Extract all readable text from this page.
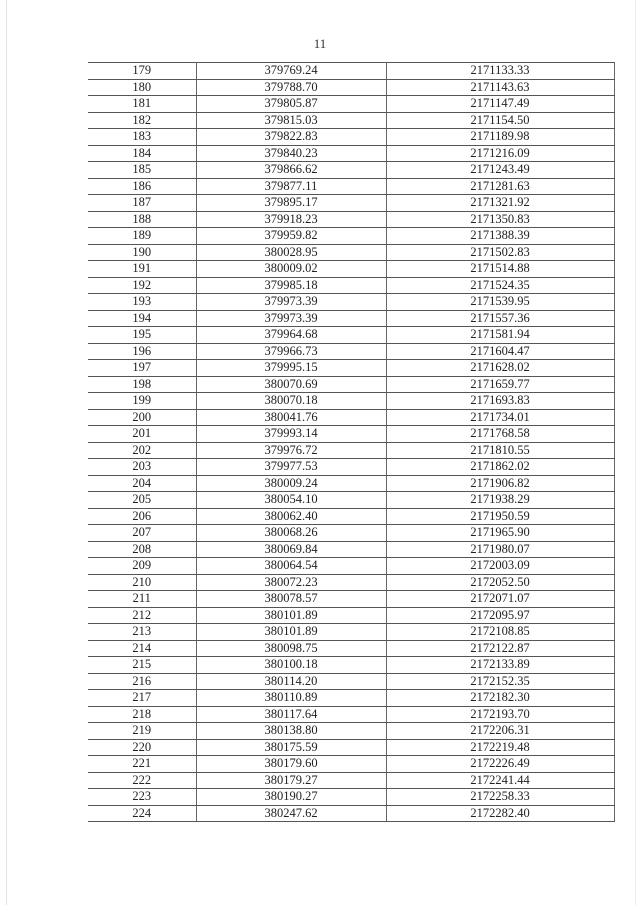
11
179	379769.24	2171133.33
180	379788.70	2171143.63
181	379805.87	2171147.49
182	379815.03	2171154.50
183	379822.83	2171189.98
184	379840.23	2171216.09
185	379866.62	2171243.49
186	379877.11	2171281.63
187	379895.17	2171321.92
188	379918.23	2171350.83
189	379959.82	2171388.39
190	380028.95	2171502.83
191	380009.02	2171514.88
192	379985.18	2171524.35
193	379973.39	2171539.95
194	379973.39	2171557.36
195	379964.68	2171581.94
196	379966.73	2171604.47
197	379995.15	2171628.02
198	380070.69	2171659.77
199	380070.18	2171693.83
200	380041.76	2171734.01
201	379993.14	2171768.58
202	379976.72	2171810.55
203	379977.53	2171862.02
204	380009.24	2171906.82
205	380054.10	2171938.29
206	380062.40	2171950.59
207	380068.26	2171965.90
208	380069.84	2171980.07
209	380064.54	2172003.09
210	380072.23	2172052.50
211	380078.57	2172071.07
212	380101.89	2172095.97
213	380101.89	2172108.85
214	380098.75	2172122.87
215	380100.18	2172133.89
216	380114.20	2172152.35
217	380110.89	2172182.30
218	380117.64	2172193.70
219	380138.80	2172206.31
220	380175.59	2172219.48
221	380179.60	2172226.49
222	380179.27	2172241.44
223	380190.27	2172258.33
224	380247.62	2172282.40
